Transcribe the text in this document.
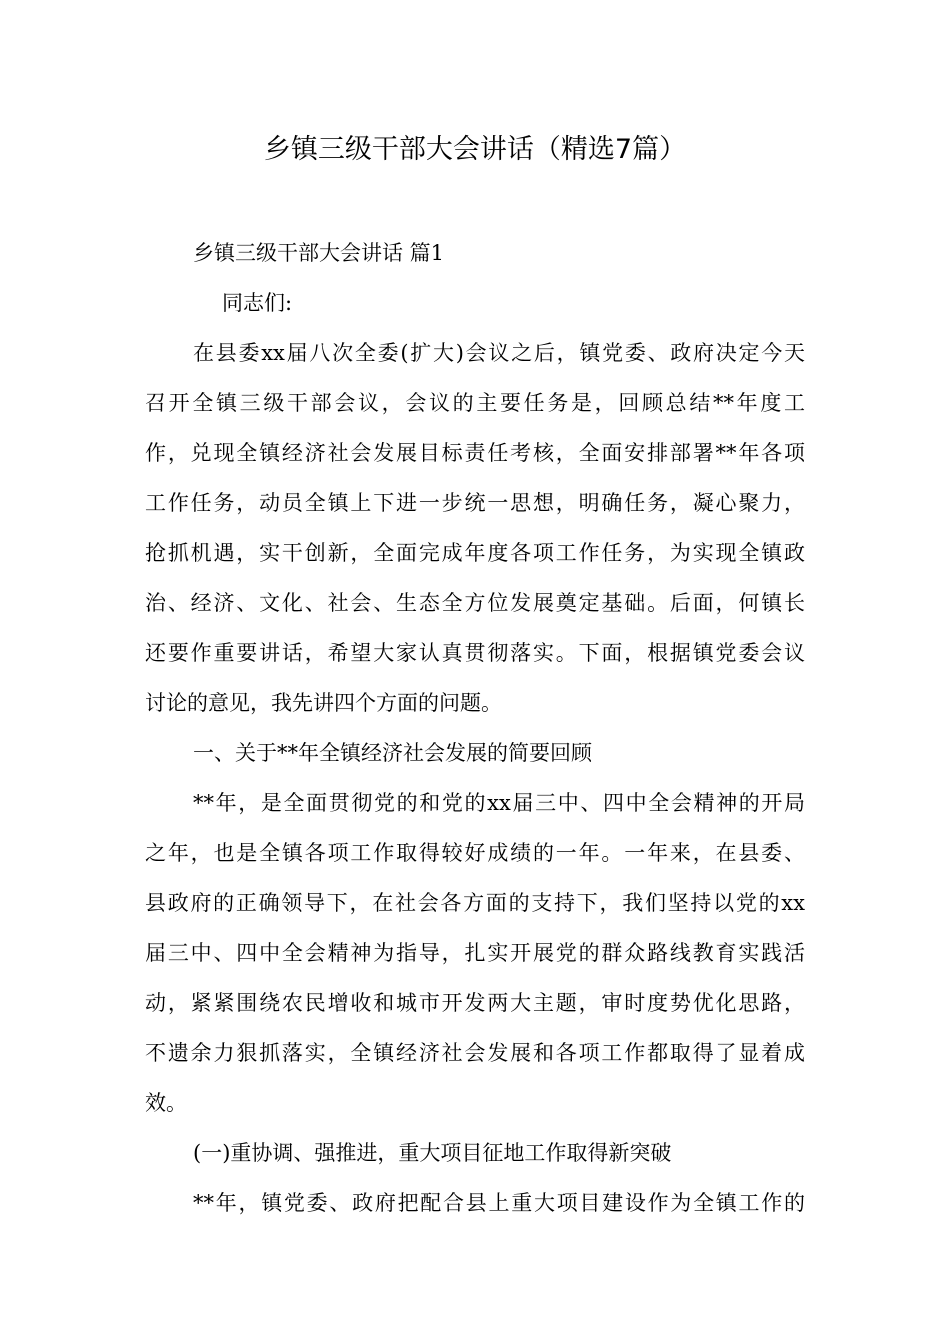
乡镇三级干部大会讲话（精选7篇）
乡镇三级干部大会讲话 篇1
同志们:
在县委xx届八次全委(扩大)会议之后，镇党委、政府决定今天
召开全镇三级干部会议，会议的主要任务是，回顾总结**年度工
作，兑现全镇经济社会发展目标责任考核，全面安排部署**年各项
工作任务，动员全镇上下进一步统一思想，明确任务，凝心聚力，
抢抓机遇，实干创新，全面完成年度各项工作任务，为实现全镇政
治、经济、文化、社会、生态全方位发展奠定基础。后面，何镇长
还要作重要讲话，希望大家认真贯彻落实。下面，根据镇党委会议
讨论的意见，我先讲四个方面的问题。
一、关于**年全镇经济社会发展的简要回顾
**年，是全面贯彻党的和党的xx届三中、四中全会精神的开局
之年，也是全镇各项工作取得较好成绩的一年。一年来，在县委、
县政府的正确领导下，在社会各方面的支持下，我们坚持以党的xx
届三中、四中全会精神为指导，扎实开展党的群众路线教育实践活
动，紧紧围绕农民增收和城市开发两大主题，审时度势优化思路，
不遗余力狠抓落实，全镇经济社会发展和各项工作都取得了显着成
效。
(一)重协调、强推进，重大项目征地工作取得新突破
**年，镇党委、政府把配合县上重大项目建设作为全镇工作的
